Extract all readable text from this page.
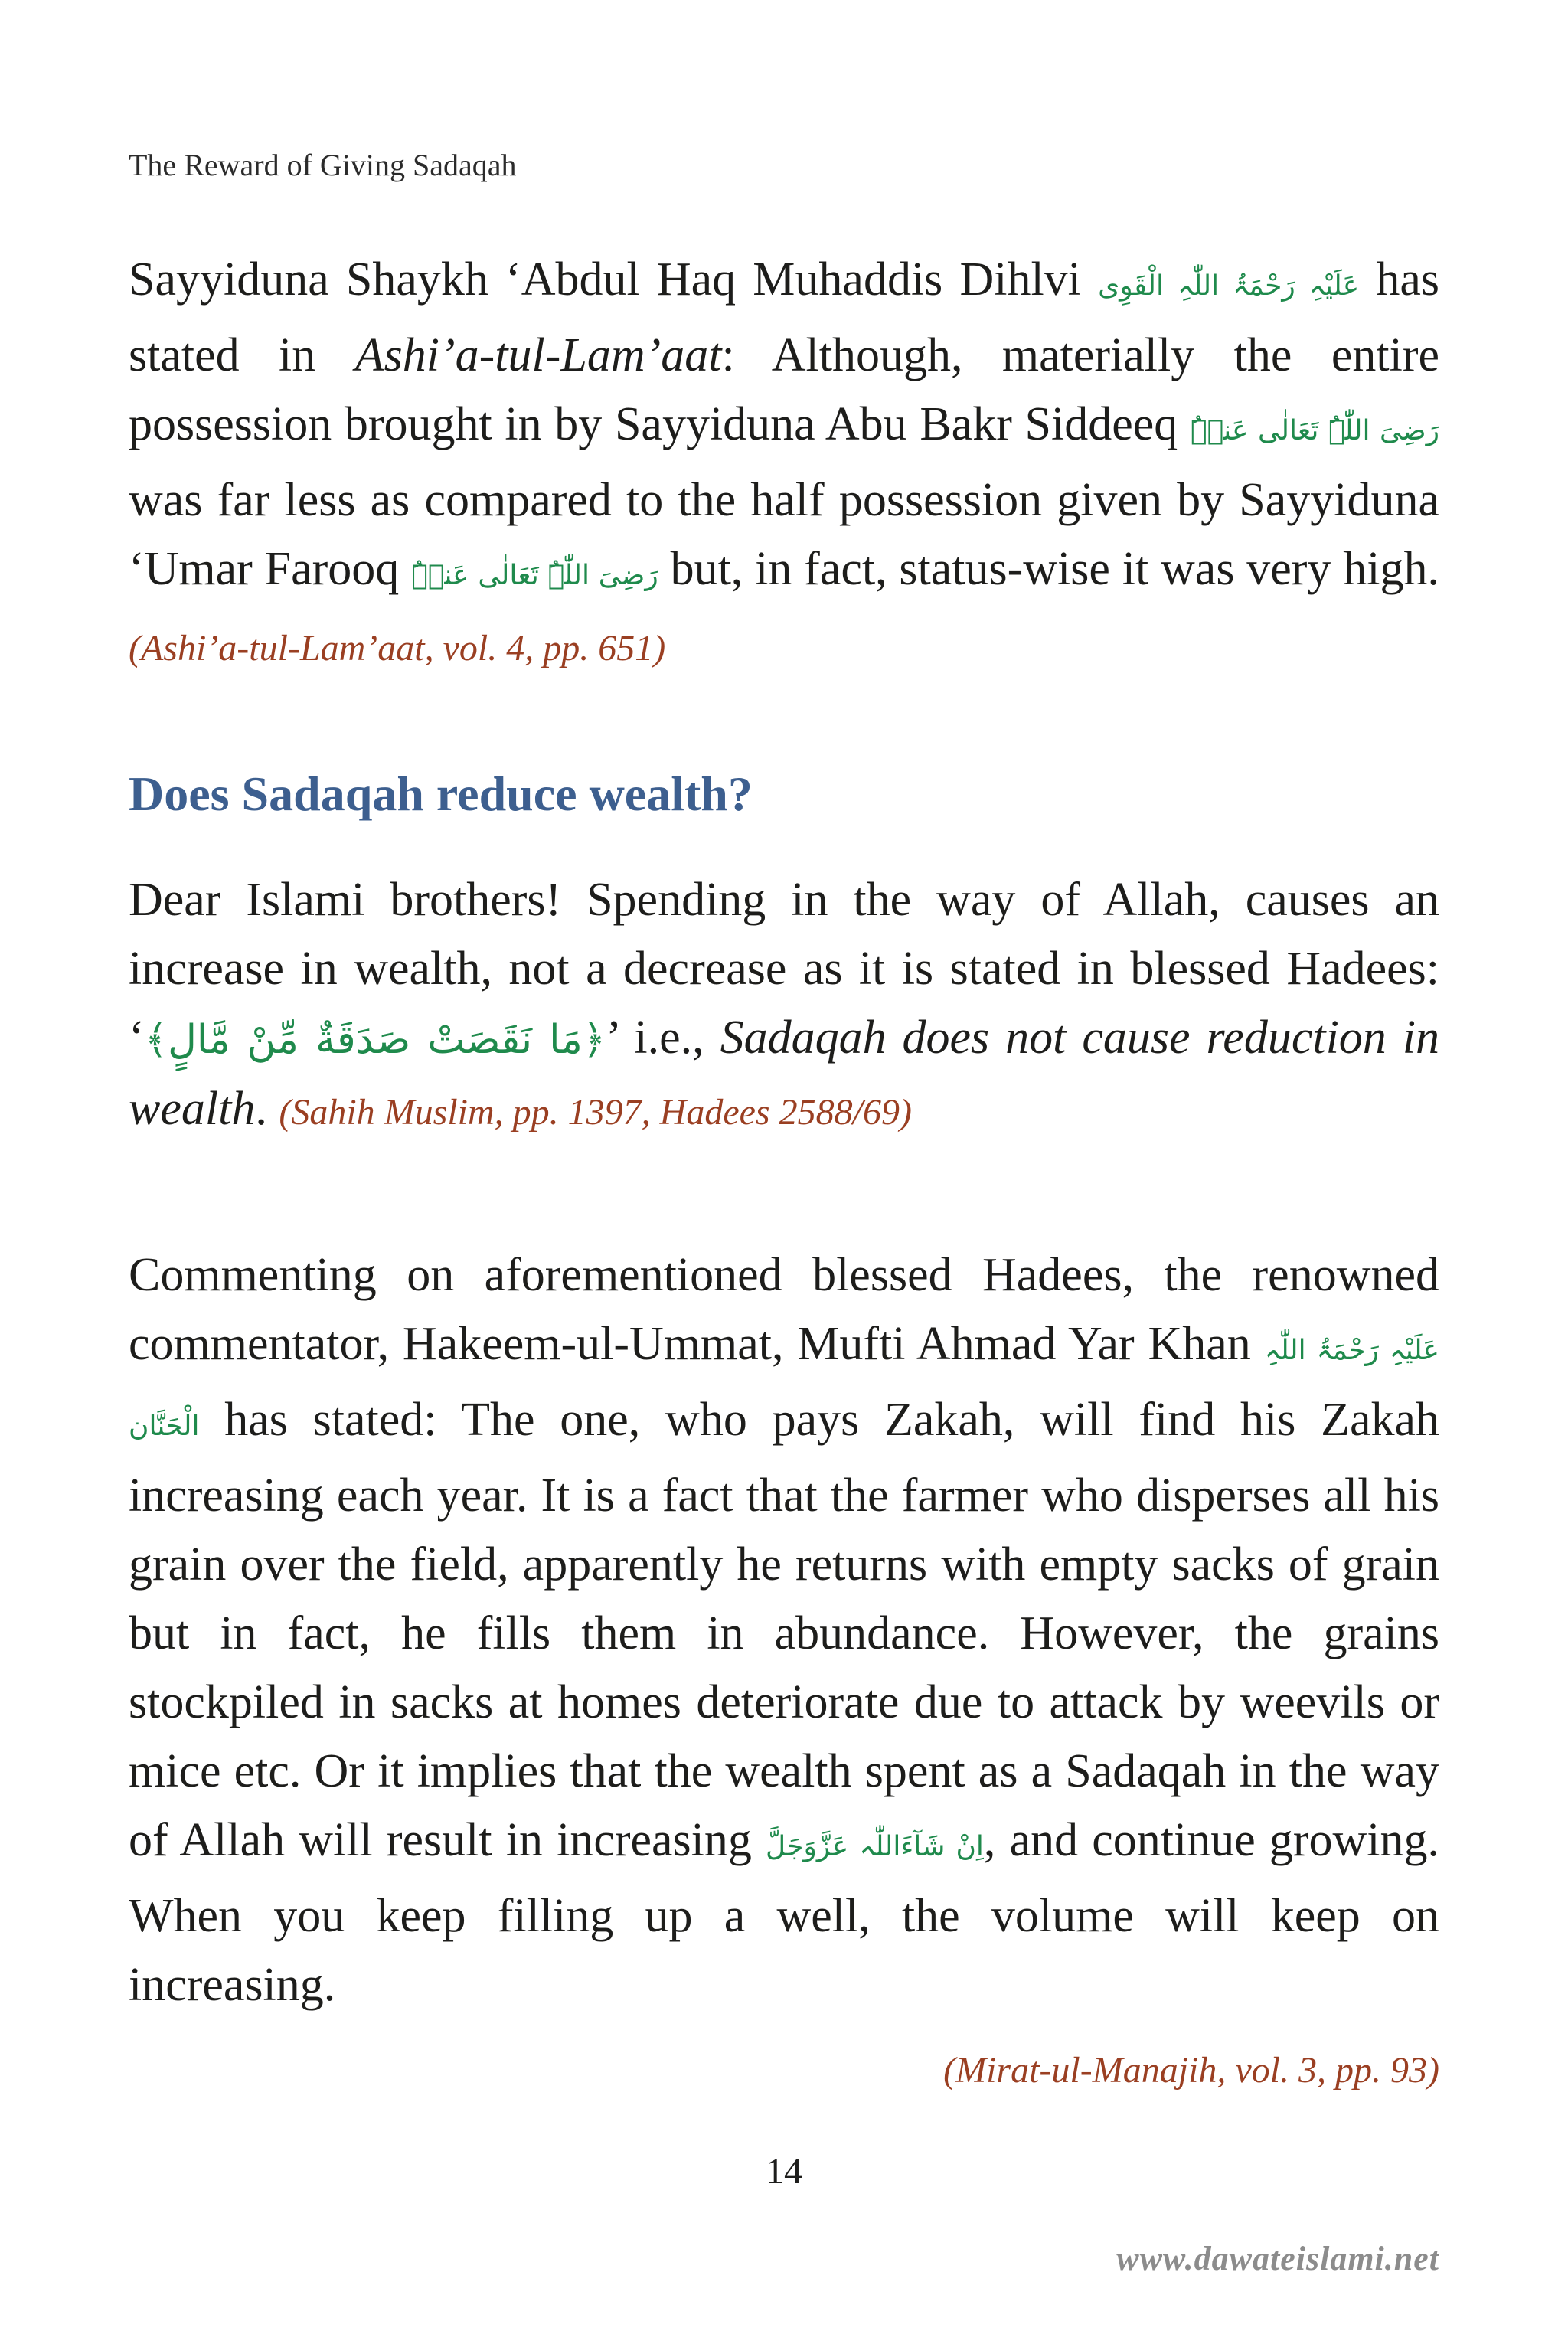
The Reward of Giving Sadaqah

Sayyiduna Shaykh ‘Abdul Haq Muhaddis Dihlvi عَلَیْہِ رَحْمَۃُ اللّٰہِ الْقَوِی has stated in Ashi’a-tul-Lam’aat: Although, materially the entire possession brought in by Sayyiduna Abu Bakr Siddeeq رَضِیَ اللّٰہُ تَعَالٰی عَنۡہُ was far less as compared to the half possession given by Sayyiduna ‘Umar Farooq رَضِیَ اللّٰہُ تَعَالٰی عَنۡہُ but, in fact, status-wise it was very high. (Ashi’a-tul-Lam’aat, vol. 4, pp. 651)

Does Sadaqah reduce wealth?

Dear Islami brothers! Spending in the way of Allah, causes an increase in wealth, not a decrease as it is stated in blessed Hadees: ‘﴿مَا نَقَصَتْ صَدَقَةٌ مِّنْ مَّالٍ﴾’ i.e., Sadaqah does not cause reduction in wealth. (Sahih Muslim, pp. 1397, Hadees 2588/69)

Commenting on aforementioned blessed Hadees, the renowned commentator, Hakeem-ul-Ummat, Mufti Ahmad Yar Khan عَلَیْہِ رَحْمَۃُ اللّٰہِ الْحَنَّان has stated: The one, who pays Zakah, will find his Zakah increasing each year. It is a fact that the farmer who disperses all his grain over the field, apparently he returns with empty sacks of grain but in fact, he fills them in abundance. However, the grains stockpiled in sacks at homes deteriorate due to attack by weevils or mice etc. Or it implies that the wealth spent as a Sadaqah in the way of Allah will result in increasing اِنْ شَآءَاللّٰہ عَزَّوَجَلَّ, and continue growing. When you keep filling up a well, the volume will keep on increasing.

(Mirat-ul-Manajih, vol. 3, pp. 93)
14
www.dawateislami.net
